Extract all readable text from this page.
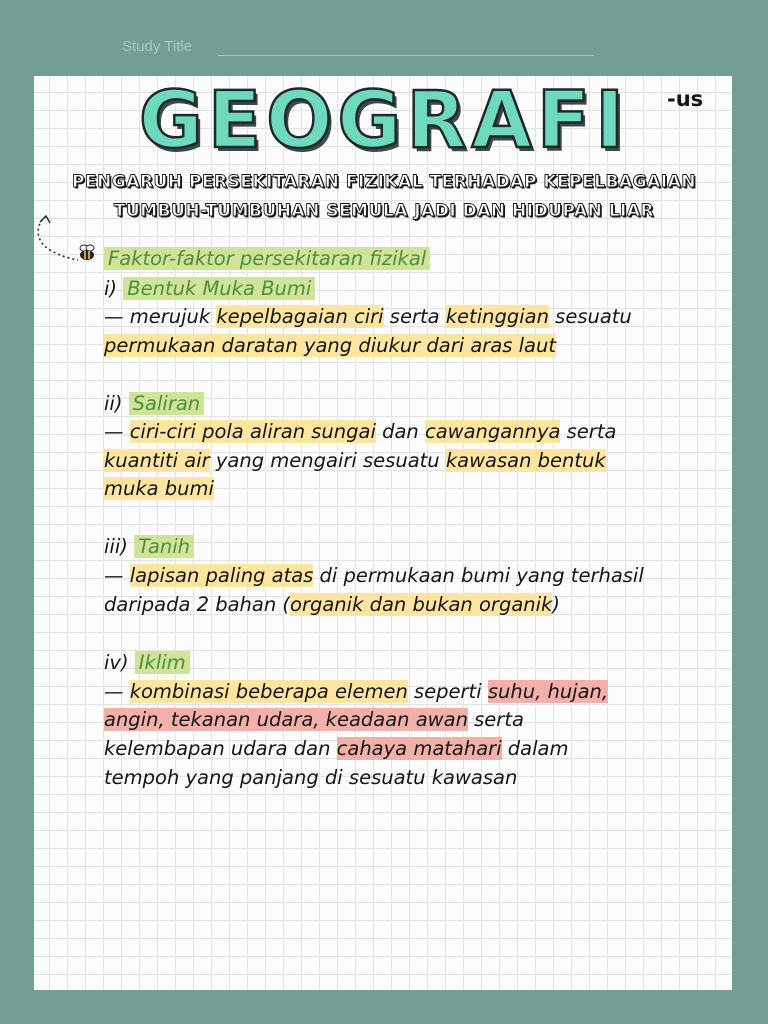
Study Title
GEOGRAFI	-us
PENGARUH PERSEKITARAN FIZIKAL TERHADAP KEPELBAGAIAN
TUMBUH-TUMBUHAN SEMULA JADI DAN HIDUPAN LIAR
Faktor-faktor persekitaran fizikal
i) Bentuk Muka Bumi
— merujuk kepelbagaian ciri serta ketinggian sesuatu
permukaan daratan yang diukur dari aras laut
ii) Saliran
— ciri-ciri pola aliran sungai dan cawangannya serta
kuantiti air yang mengairi sesuatu kawasan bentuk
muka bumi
iii) Tanih
— lapisan paling atas di permukaan bumi yang terhasil
daripada 2 bahan (organik dan bukan organik)
iv) Iklim
— kombinasi beberapa elemen seperti suhu, hujan,
angin, tekanan udara, keadaan awan serta
kelembapan udara dan cahaya matahari dalam
tempoh yang panjang di sesuatu kawasan
